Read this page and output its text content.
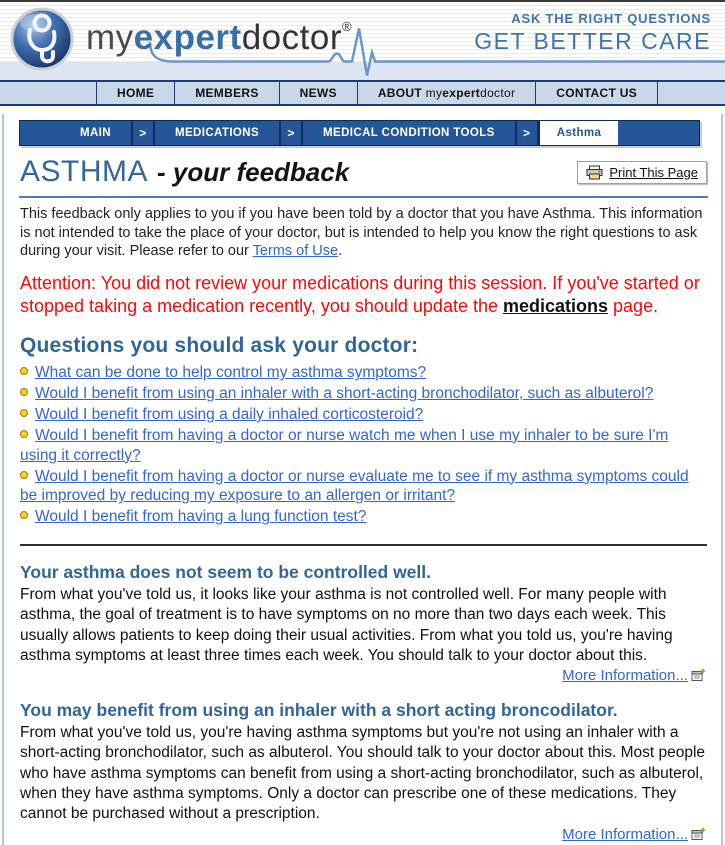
myexpertdoctor®
ASK THE RIGHT QUESTIONS
GET BETTER CARE
HOME	MEMBERS	NEWS	ABOUT
my expert doctor	CONTACT US
MAIN	>	MEDICATIONS	>	MEDICAL CONDITION TOOLS	>	Asthma
ASTHMA - your feedback	Print This Page

This feedback only applies to you if you have been told by a doctor that you have Asthma. This information is not intended to take the place of your doctor, but is intended to help you know the right questions to ask during your visit. Please refer to our Terms of Use.

Attention: You did not review your medications during this session. If you've started or stopped taking a medication recently, you should update the medications page.

Questions you should ask your doctor:
What can be done to help control my asthma symptoms?
Would I benefit from using an inhaler with a short-acting bronchodilator, such as albuterol?
Would I benefit from using a daily inhaled corticosteroid?
Would I benefit from having a doctor or nurse watch me when I use my inhaler to be sure I'm using it correctly?
Would I benefit from having a doctor or nurse evaluate me to see if my asthma symptoms could be improved by reducing my exposure to an allergen or irritant?
Would I benefit from having a lung function test?
Your asthma does not seem to be controlled well.

From what you've told us, it looks like your asthma is not controlled well. For many people with asthma, the goal of treatment is to have symptoms on no more than two days each week. This usually allows patients to keep doing their usual activities. From what you told us, you're having asthma symptoms at least three times each week. You should talk to your doctor about this.

More Information...
You may benefit from using an inhaler with a short acting broncodilator.

From what you've told us, you're having asthma symptoms but you're not using an inhaler with a short-acting bronchodilator, such as albuterol. You should talk to your doctor about this. Most people who have asthma symptoms can benefit from using a short-acting bronchodilator, such as albuterol, when they have asthma symptoms. Only a doctor can prescribe one of these medications. They cannot be purchased without a prescription.

More Information...
